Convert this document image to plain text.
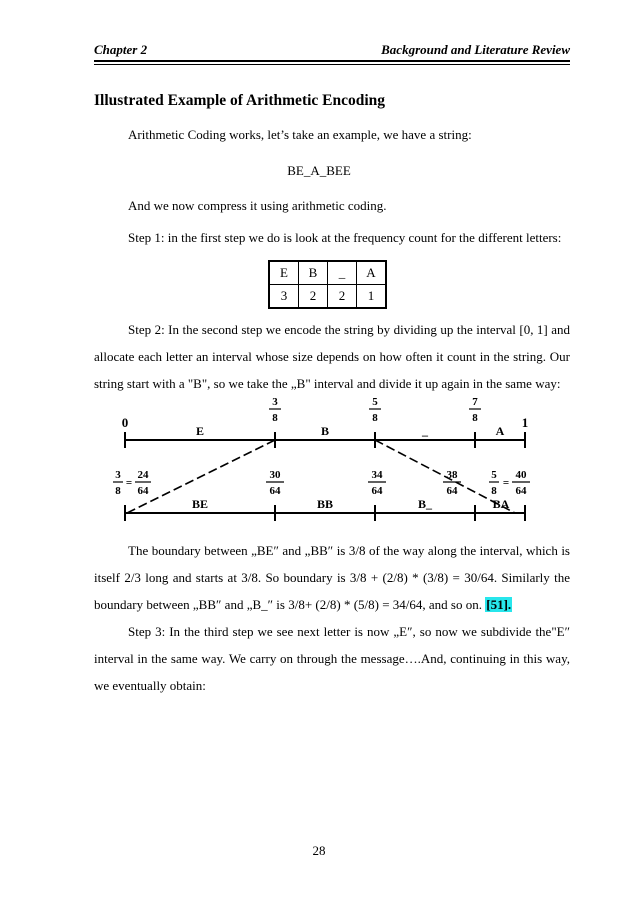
Chapter 2	Background and Literature Review
Illustrated Example of Arithmetic Encoding
Arithmetic Coding works, let’s take an example, we have a string:
BE_A_BEE
And we now compress it using arithmetic coding.
Step 1: in the first step we do is look at the frequency count for the different letters:
E	B	_	A
3	2	2	1
Step 2: In the second step we encode the string by dividing up the interval [0, 1] and allocate each letter an interval whose size depends on how often it count in the string. Our string start with a "B", so we take the „B" interval and divide it up again in the same way:
0	1
3
8
5
8
7
8
E	B	_	A
3
8
=
24
64
30
64
34
64
38
64
5
8
=
40
64
BE	BB	B_	BA
The boundary between „BE″ and „BB″ is 3/8 of the way along the interval, which is itself 2/3 long and starts at 3/8. So boundary is 3/8 + (2/8) * (3/8) = 30/64. Similarly the boundary between „BB″ and „B_″ is 3/8+ (2/8) * (5/8) = 34/64, and so on. [51].
Step 3: In the third step we see next letter is now „E″, so now we subdivide the"E″ interval in the same way. We carry on through the message….And, continuing in this way, we eventually obtain:
28
